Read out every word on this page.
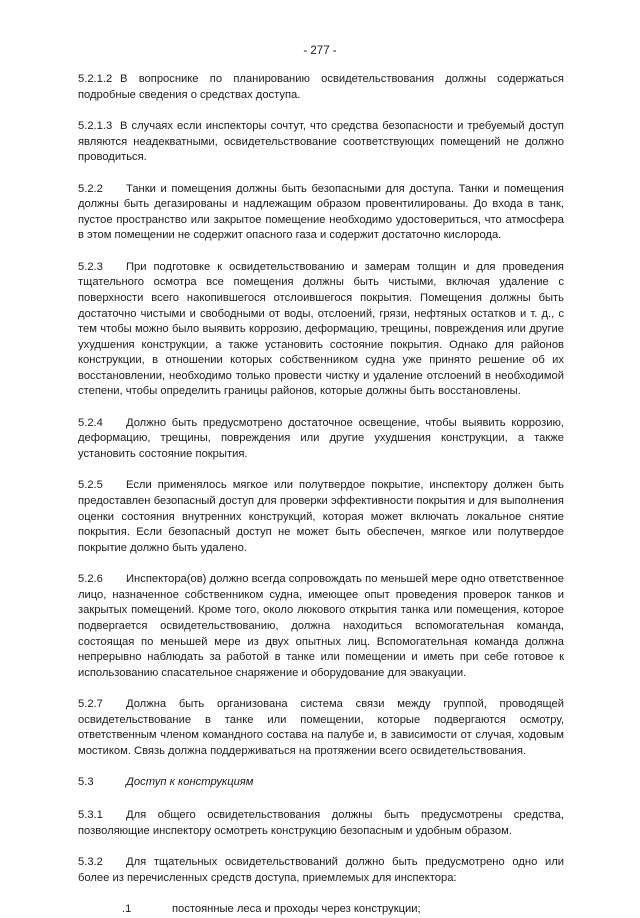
- 277 -

5.2.1.2 В вопроснике по планированию освидетельствования должны содержаться подробные сведения о средствах доступа.

5.2.1.3 В случаях если инспекторы сочтут, что средства безопасности и требуемый доступ являются неадекватными, освидетельствование соответствующих помещений не должно проводиться.

5.2.2 Танки и помещения должны быть безопасными для доступа. Танки и помещения должны быть дегазированы и надлежащим образом провентилированы. До входа в танк, пустое пространство или закрытое помещение необходимо удостовериться, что атмосфера в этом помещении не содержит опасного газа и содержит достаточно кислорода.

5.2.3 При подготовке к освидетельствованию и замерам толщин и для проведения тщательного осмотра все помещения должны быть чистыми, включая удаление с поверхности всего накопившегося отслоившегося покрытия. Помещения должны быть достаточно чистыми и свободными от воды, отслоений, грязи, нефтяных остатков и т. д., с тем чтобы можно было выявить коррозию, деформацию, трещины, повреждения или другие ухудшения конструкции, а также установить состояние покрытия. Однако для районов конструкции, в отношении которых собственником судна уже принято решение об их восстановлении, необходимо только провести чистку и удаление отслоений в необходимой степени, чтобы определить границы районов, которые должны быть восстановлены.

5.2.4 Должно быть предусмотрено достаточное освещение, чтобы выявить коррозию, деформацию, трещины, повреждения или другие ухудшения конструкции, а также установить состояние покрытия.

5.2.5 Если применялось мягкое или полутвердое покрытие, инспектору должен быть предоставлен безопасный доступ для проверки эффективности покрытия и для выполнения оценки состояния внутренних конструкций, которая может включать локальное снятие покрытия. Если безопасный доступ не может быть обеспечен, мягкое или полутвердое покрытие должно быть удалено.

5.2.6 Инспектора(ов) должно всегда сопровождать по меньшей мере одно ответственное лицо, назначенное собственником судна, имеющее опыт проведения проверок танков и закрытых помещений. Кроме того, около люкового открытия танка или помещения, которое подвергается освидетельствованию, должна находиться вспомогательная команда, состоящая по меньшей мере из двух опытных лиц. Вспомогательная команда должна непрерывно наблюдать за работой в танке или помещении и иметь при себе готовое к использованию спасательное снаряжение и оборудование для эвакуации.

5.2.7 Должна быть организована система связи между группой, проводящей освидетельствование в танке или помещении, которые подвергаются осмотру, ответственным членом командного состава на палубе и, в зависимости от случая, ходовым мостиком. Связь должна поддерживаться на протяжении всего освидетельствования.

5.3	Доступ к конструкциям

5.3.1 Для общего освидетельствования должны быть предусмотрены средства, позволяющие инспектору осмотреть конструкцию безопасным и удобным образом.

5.3.2 Для тщательных освидетельствований должно быть предусмотрено одно или более из перечисленных средств доступа, приемлемых для инспектора:

.1	постоянные леса и проходы через конструкции;
